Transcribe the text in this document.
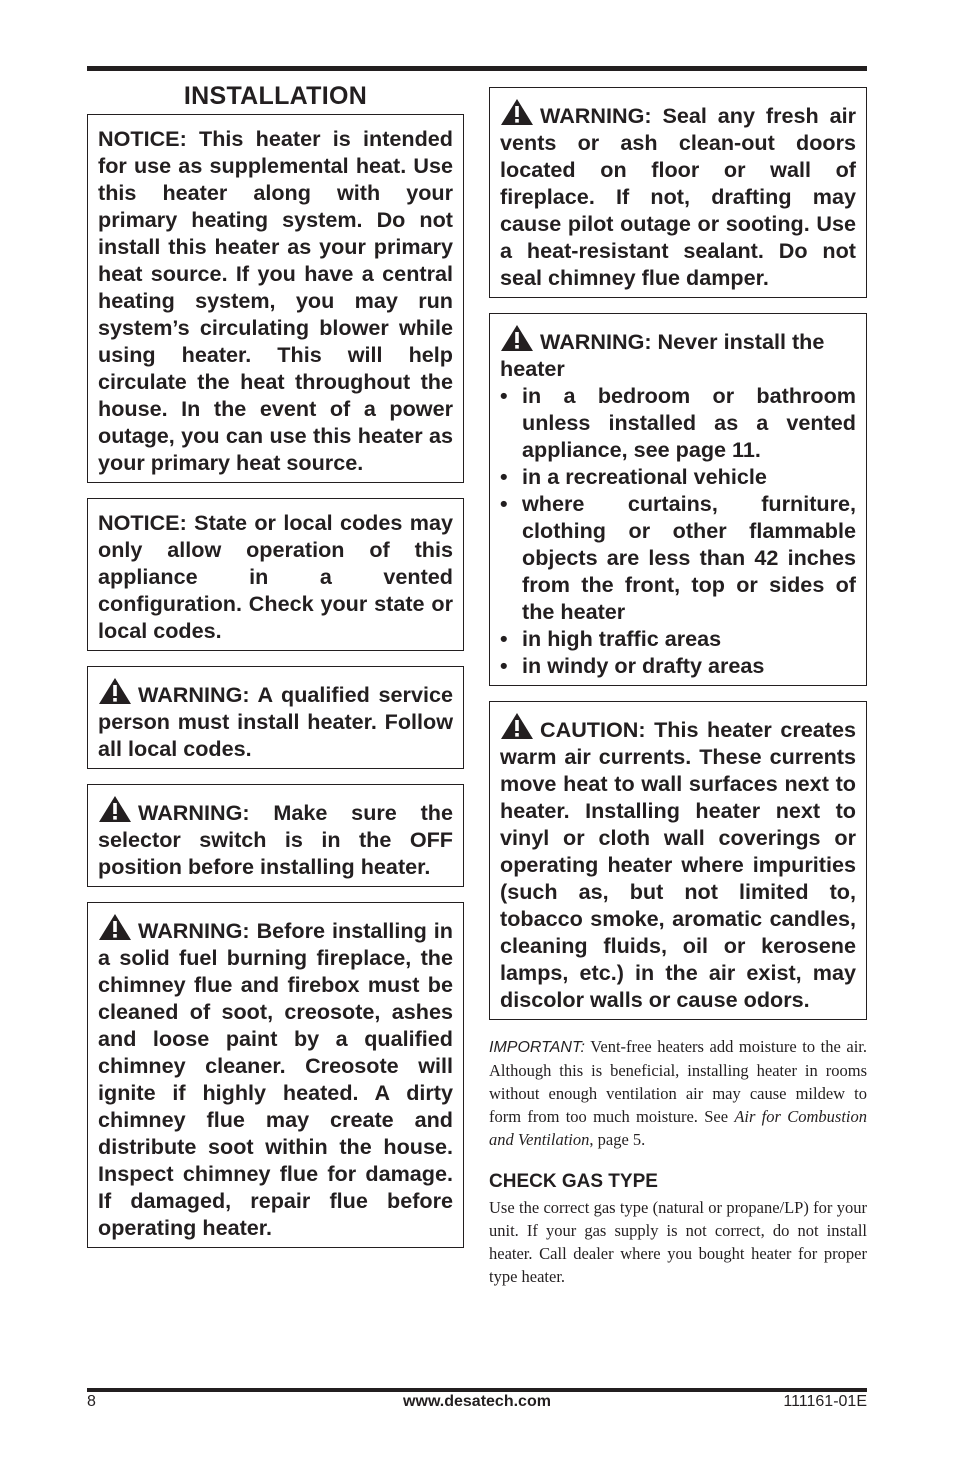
INSTALLATION

NOTICE: This heater is intended for use as supplemental heat. Use this heater along with your primary heating system. Do not install this heater as your primary heat source. If you have a central heating system, you may run system’s circulating blower while using heater. This will help circulate the heat throughout the house. In the event of a power outage, you can use this heater as your primary heat source.

NOTICE: State or local codes may only allow operation of this appliance in a vented configuration. Check your state or local codes.

WARNING: A qualified service person must install heater. Follow all local codes.

WARNING: Make sure the selector switch is in the OFF position before installing heater.

WARNING: Before installing in a solid fuel burning fireplace, the chimney flue and firebox must be cleaned of soot, creosote, ashes and loose paint by a qualified chimney cleaner. Creosote will ignite if highly heated. A dirty chimney flue may create and distribute soot within the house. Inspect chimney flue for damage. If damaged, repair flue before operating heater.

WARNING: Seal any fresh air vents or ash clean-out doors located on floor or wall of fireplace. If not, drafting may cause pilot outage or sooting. Use a heat-resistant sealant. Do not seal chimney flue damper.

WARNING: Never install the heater

• in a bedroom or bathroom unless installed as a vented appliance, see page 11.
• in a recreational vehicle
• where curtains, furniture, clothing or other flammable objects are less than 42 inches from the front, top or sides of the heater
• in high traffic areas
• in windy or drafty areas

CAUTION: This heater creates warm air currents. These currents move heat to wall surfaces next to heater. Installing heater next to vinyl or cloth wall coverings or operating heater where impurities (such as, but not limited to, tobacco smoke, aromatic candles, cleaning fluids, oil or kerosene lamps, etc.) in the air exist, may discolor walls or cause odors.

IMPORTANT: Vent-free heaters add moisture to the air. Although this is beneficial, installing heater in rooms without enough ventilation air may cause mildew to form from too much moisture. See Air for Combustion and Ventilation, page 5.

CHECK GAS TYPE

Use the correct gas type (natural or propane/LP) for your unit. If your gas supply is not correct, do not install heater. Call dealer where you bought heater for proper type heater.

8	www.desatech.com	111161-01E
